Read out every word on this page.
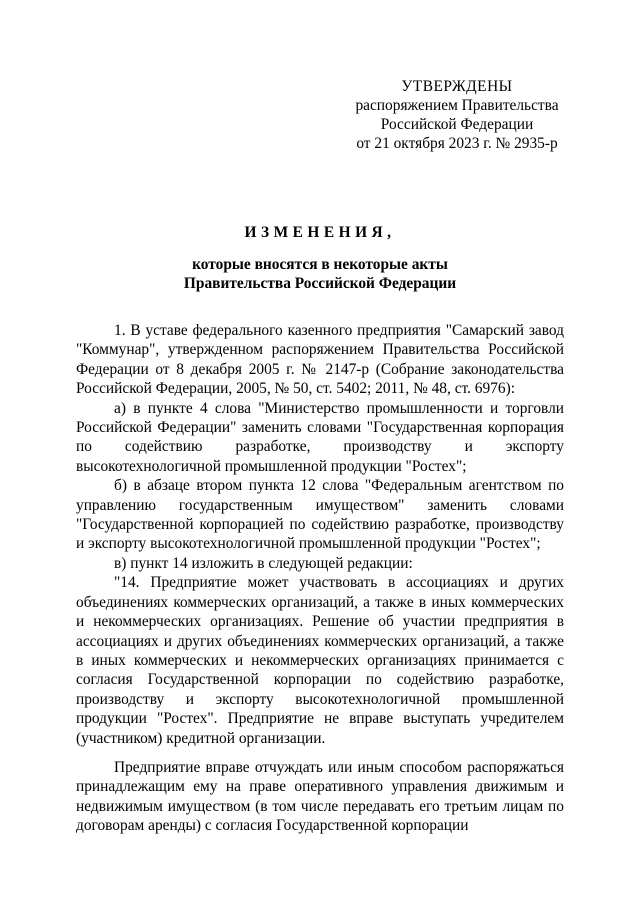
УТВЕРЖДЕНЫ
распоряжением Правительства
Российской Федерации
от 21 октября 2023 г. № 2935-р
ИЗМЕНЕНИЯ,
которые вносятся в некоторые акты
Правительства Российской Федерации

1. В уставе федерального казенного предприятия "Самарский завод "Коммунар", утвержденном распоряжением Правительства Российской Федерации от 8 декабря 2005 г. № 2147-р (Собрание законодательства Российской Федерации, 2005, № 50, ст. 5402; 2011, № 48, ст. 6976):

а) в пункте 4 слова "Министерство промышленности и торговли Российской Федерации" заменить словами "Государственная корпорация по содействию разработке, производству и экспорту высокотехнологичной промышленной продукции "Ростех";

б) в абзаце втором пункта 12 слова "Федеральным агентством по управлению государственным имуществом" заменить словами "Государственной корпорацией по содействию разработке, производству и экспорту высокотехнологичной промышленной продукции "Ростех";

в) пункт 14 изложить в следующей редакции:

"14. Предприятие может участвовать в ассоциациях и других объединениях коммерческих организаций, а также в иных коммерческих и некоммерческих организациях. Решение об участии предприятия в ассоциациях и других объединениях коммерческих организаций, а также в иных коммерческих и некоммерческих организациях принимается с согласия Государственной корпорации по содействию разработке, производству и экспорту высокотехнологичной промышленной продукции "Ростех". Предприятие не вправе выступать учредителем (участником) кредитной организации.

Предприятие вправе отчуждать или иным способом распоряжаться принадлежащим ему на праве оперативного управления движимым и недвижимым имуществом (в том числе передавать его третьим лицам по договорам аренды) с согласия Государственной корпорации
